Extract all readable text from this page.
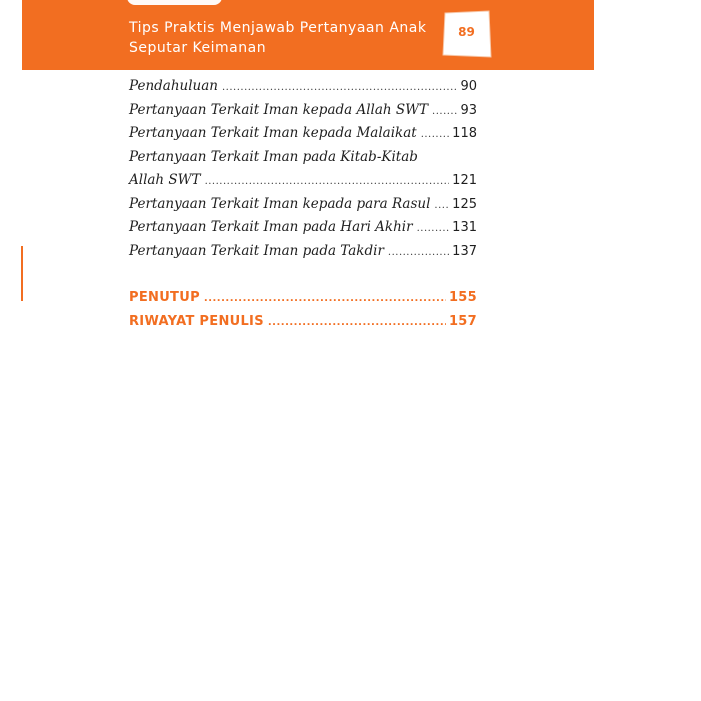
Tips Praktis Menjawab Pertanyaan Anak
Seputar Keimanan
89
Pendahuluan .....	90
Pertanyaan Terkait Iman kepada Allah SWT ..... 93
Pertanyaan Terkait Iman kepada Malaikat .....	118
Pertanyaan Terkait Iman pada Kitab-Kitab
Allah SWT .....	121
Pertanyaan Terkait Iman kepada para Rasul ..... 125
Pertanyaan Terkait Iman pada Hari Akhir .....	131
Pertanyaan Terkait Iman pada Takdir .....	137
PENUTUP .....	155
RIWAYAT PENULIS .....	157
